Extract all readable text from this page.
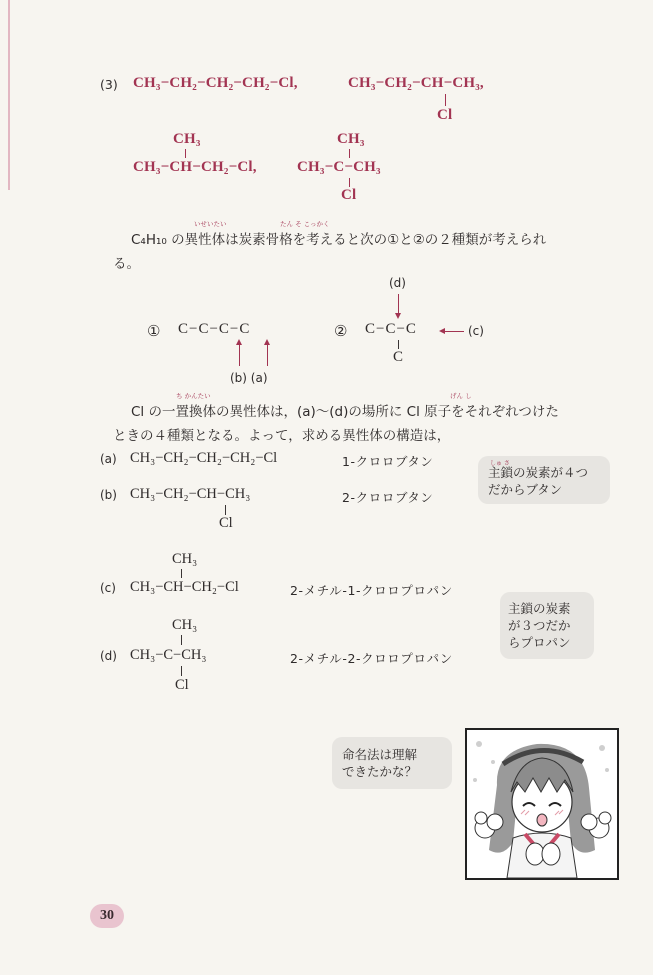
(3) CH₃−CH₂−CH₂−CH₂−Cl,	CH₃−CH₂−CH−CH₃,
Cl
CH₃
CH₃−CH−CH₂−Cl,
CH₃
CH₃−C−CH₃
Cl
いせいたい	たん そ こっかく
C₄H₁₀ の異性体は炭素骨格を考えると次の①と②の２種類が考えられ
る。
① C−C−C−C
(b) (a)
(d)
② C−C−C	(c)
C
ち かんたい	げん し
Cl の一置換体の異性体は，(a)〜(d)の場所に Cl 原子をそれぞれつけた
ときの４種類となる。よって，求める異性体の構造は，
(a) CH₃−CH₂−CH₂−CH₂−Cl	1-クロロブタン
(b) CH₃−CH₂−CH−CH₃
Cl
2-クロロブタン
しゅ さ
主鎖の炭素が４つ
だからブタン
CH₃
(c) CH₃−CH−CH₂−Cl	2-メチル-1-クロロプロパン
主鎖の炭素
が３つだか
らプロパン
CH₃
(d) CH₃−C−CH₃
Cl
2-メチル-2-クロロプロパン
命名法は理解
できたかな？
30
